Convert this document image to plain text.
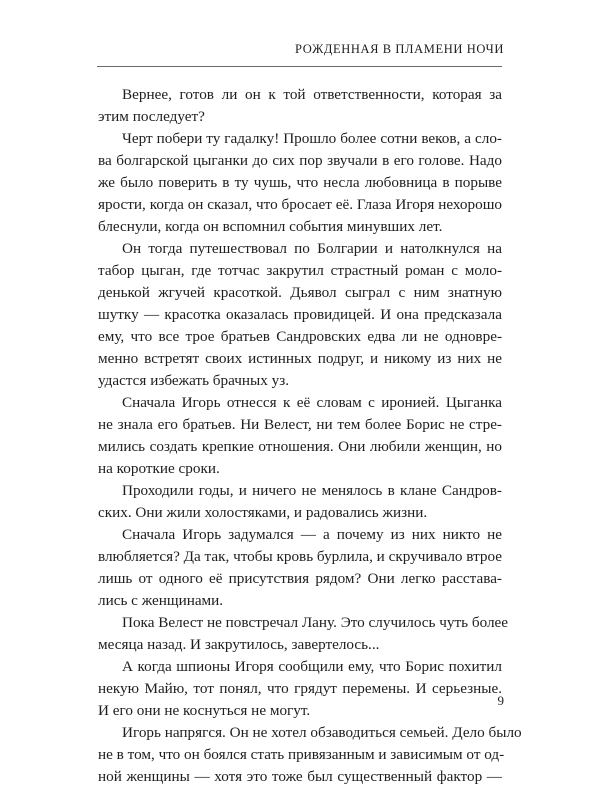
РОЖДЕННАЯ В ПЛАМЕНИ НОЧИ
Вернее, готов ли он к той ответственности, которая за
этим последует?
Черт побери ту гадалку! Прошло более сотни веков, а сло-
ва болгарской цыганки до сих пор звучали в его голове. Надо
же было поверить в ту чушь, что несла любовница в порыве
ярости, когда он сказал, что бросает её. Глаза Игоря нехорошо
блеснули, когда он вспомнил события минувших лет.
Он тогда путешествовал по Болгарии и натолкнулся на
табор цыган, где тотчас закрутил страстный роман с моло-
денькой жгучей красоткой. Дьявол сыграл с ним знатную
шутку — красотка оказалась провидицей. И она предсказала
ему, что все трое братьев Сандровских едва ли не одновре-
менно встретят своих истинных подруг, и никому из них не
удастся избежать брачных уз.
Сначала Игорь отнесся к её словам с иронией. Цыганка
не знала его братьев. Ни Велест, ни тем более Борис не стре-
мились создать крепкие отношения. Они любили женщин, но
на короткие сроки.
Проходили годы, и ничего не менялось в клане Сандров-
ских. Они жили холостяками, и радовались жизни.
Сначала Игорь задумался — а почему из них никто не
влюбляется? Да так, чтобы кровь бурлила, и скручивало втрое
лишь от одного её присутствия рядом? Они легко расстава-
лись с женщинами.
Пока Велест не повстречал Лану. Это случилось чуть более
месяца назад. И закрутилось, завертелось...
А когда шпионы Игоря сообщили ему, что Борис похитил
некую Майю, тот понял, что грядут перемены. И серьезные.
И его они не коснуться не могут.
Игорь напрягся. Он не хотел обзаводиться семьей. Дело было
не в том, что он боялся стать привязанным и зависимым от од-
ной женщины — хотя это тоже был существенный фактор —
9
